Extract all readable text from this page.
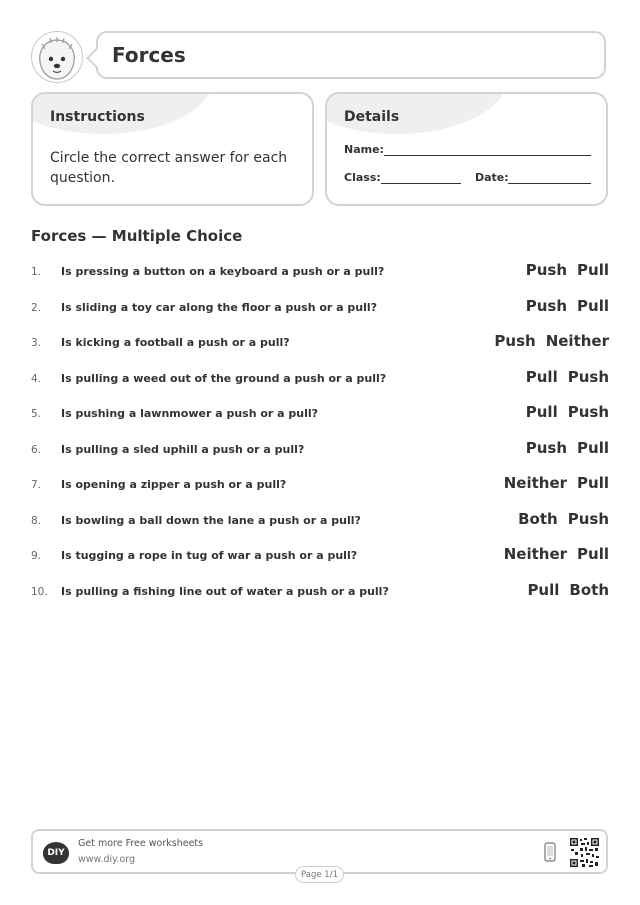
Forces
Instructions
Circle the correct answer for each question.
Details
Name:
Class:	Date:
Forces — Multiple Choice
1. Is pressing a button on a keyboard a push or a pull?	Push Pull
2. Is sliding a toy car along the floor a push or a pull?	Push Pull
3. Is kicking a football a push or a pull?	Push Neither
4. Is pulling a weed out of the ground a push or a pull?	Pull Push
5. Is pushing a lawnmower a push or a pull?	Pull Push
6. Is pulling a sled uphill a push or a pull?	Push Pull
7. Is opening a zipper a push or a pull?	Neither Pull
8. Is bowling a ball down the lane a push or a pull?	Both Push
9. Is tugging a rope in tug of war a push or a pull?	Neither Pull
10. Is pulling a fishing line out of water a push or a pull?	Pull Both
DIY
Get more Free worksheets
www.diy.org
Page 1/1
